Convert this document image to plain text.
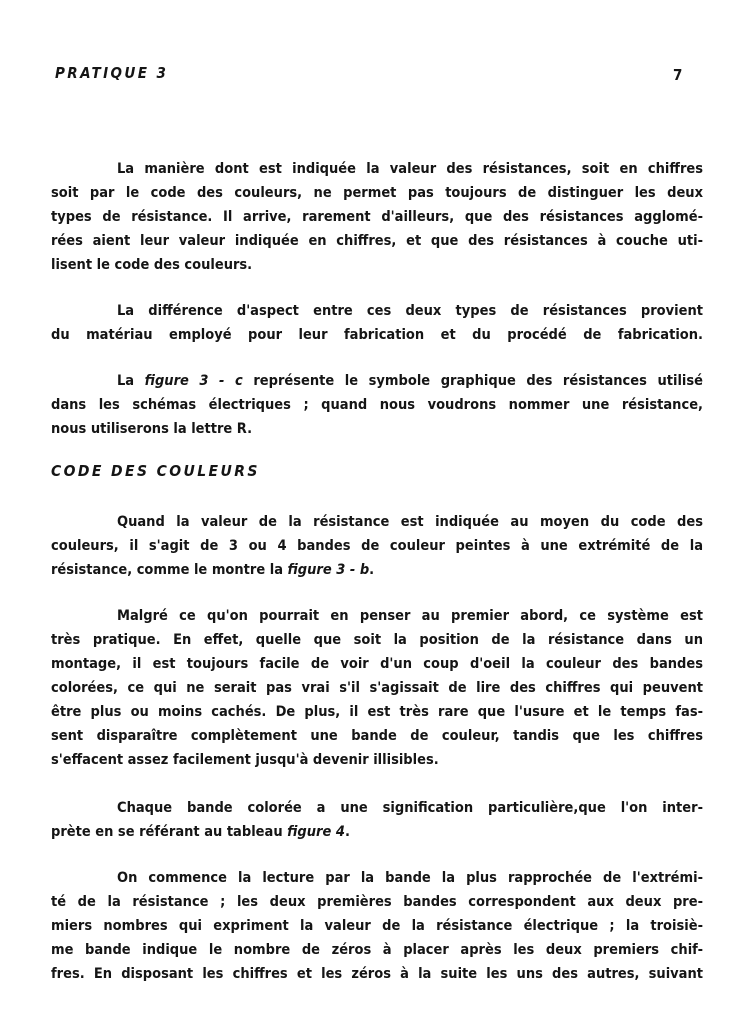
PRATIQUE 3	7
La manière dont est indiquée la valeur des résistances, soit en chiffres
soit par le code des couleurs, ne permet pas toujours de distinguer les deux
types de résistance. Il arrive, rarement d'ailleurs, que des résistances agglomé-
rées aient leur valeur indiquée en chiffres, et que des résistances à couche uti-
lisent le code des couleurs.
La différence d'aspect entre ces deux types de résistances provient
du matériau employé pour leur fabrication et du procédé de fabrication.
La figure 3 - c représente le symbole graphique des résistances utilisé
dans les schémas électriques ; quand nous voudrons nommer une résistance,
nous utiliserons la lettre R.
CODE DES COULEURS
Quand la valeur de la résistance est indiquée au moyen du code des
couleurs, il s'agit de 3 ou 4 bandes de couleur peintes à une extrémité de la
résistance, comme le montre la figure 3 - b.
Malgré ce qu'on pourrait en penser au premier abord, ce système est
très pratique. En effet, quelle que soit la position de la résistance dans un
montage, il est toujours facile de voir d'un coup d'oeil la couleur des bandes
colorées, ce qui ne serait pas vrai s'il s'agissait de lire des chiffres qui peuvent
être plus ou moins cachés. De plus, il est très rare que l'usure et le temps fas-
sent disparaître complètement une bande de couleur, tandis que les chiffres
s'effacent assez facilement jusqu'à devenir illisibles.
Chaque bande colorée a une signification particulière,que l'on inter-
prète en se référant au tableau figure 4.
On commence la lecture par la bande la plus rapprochée de l'extrémi-
té de la résistance ; les deux premières bandes correspondent aux deux pre-
miers nombres qui expriment la valeur de la résistance électrique ; la troisiè-
me bande indique le nombre de zéros à placer après les deux premiers chif-
fres. En disposant les chiffres et les zéros à la suite les uns des autres, suivant
